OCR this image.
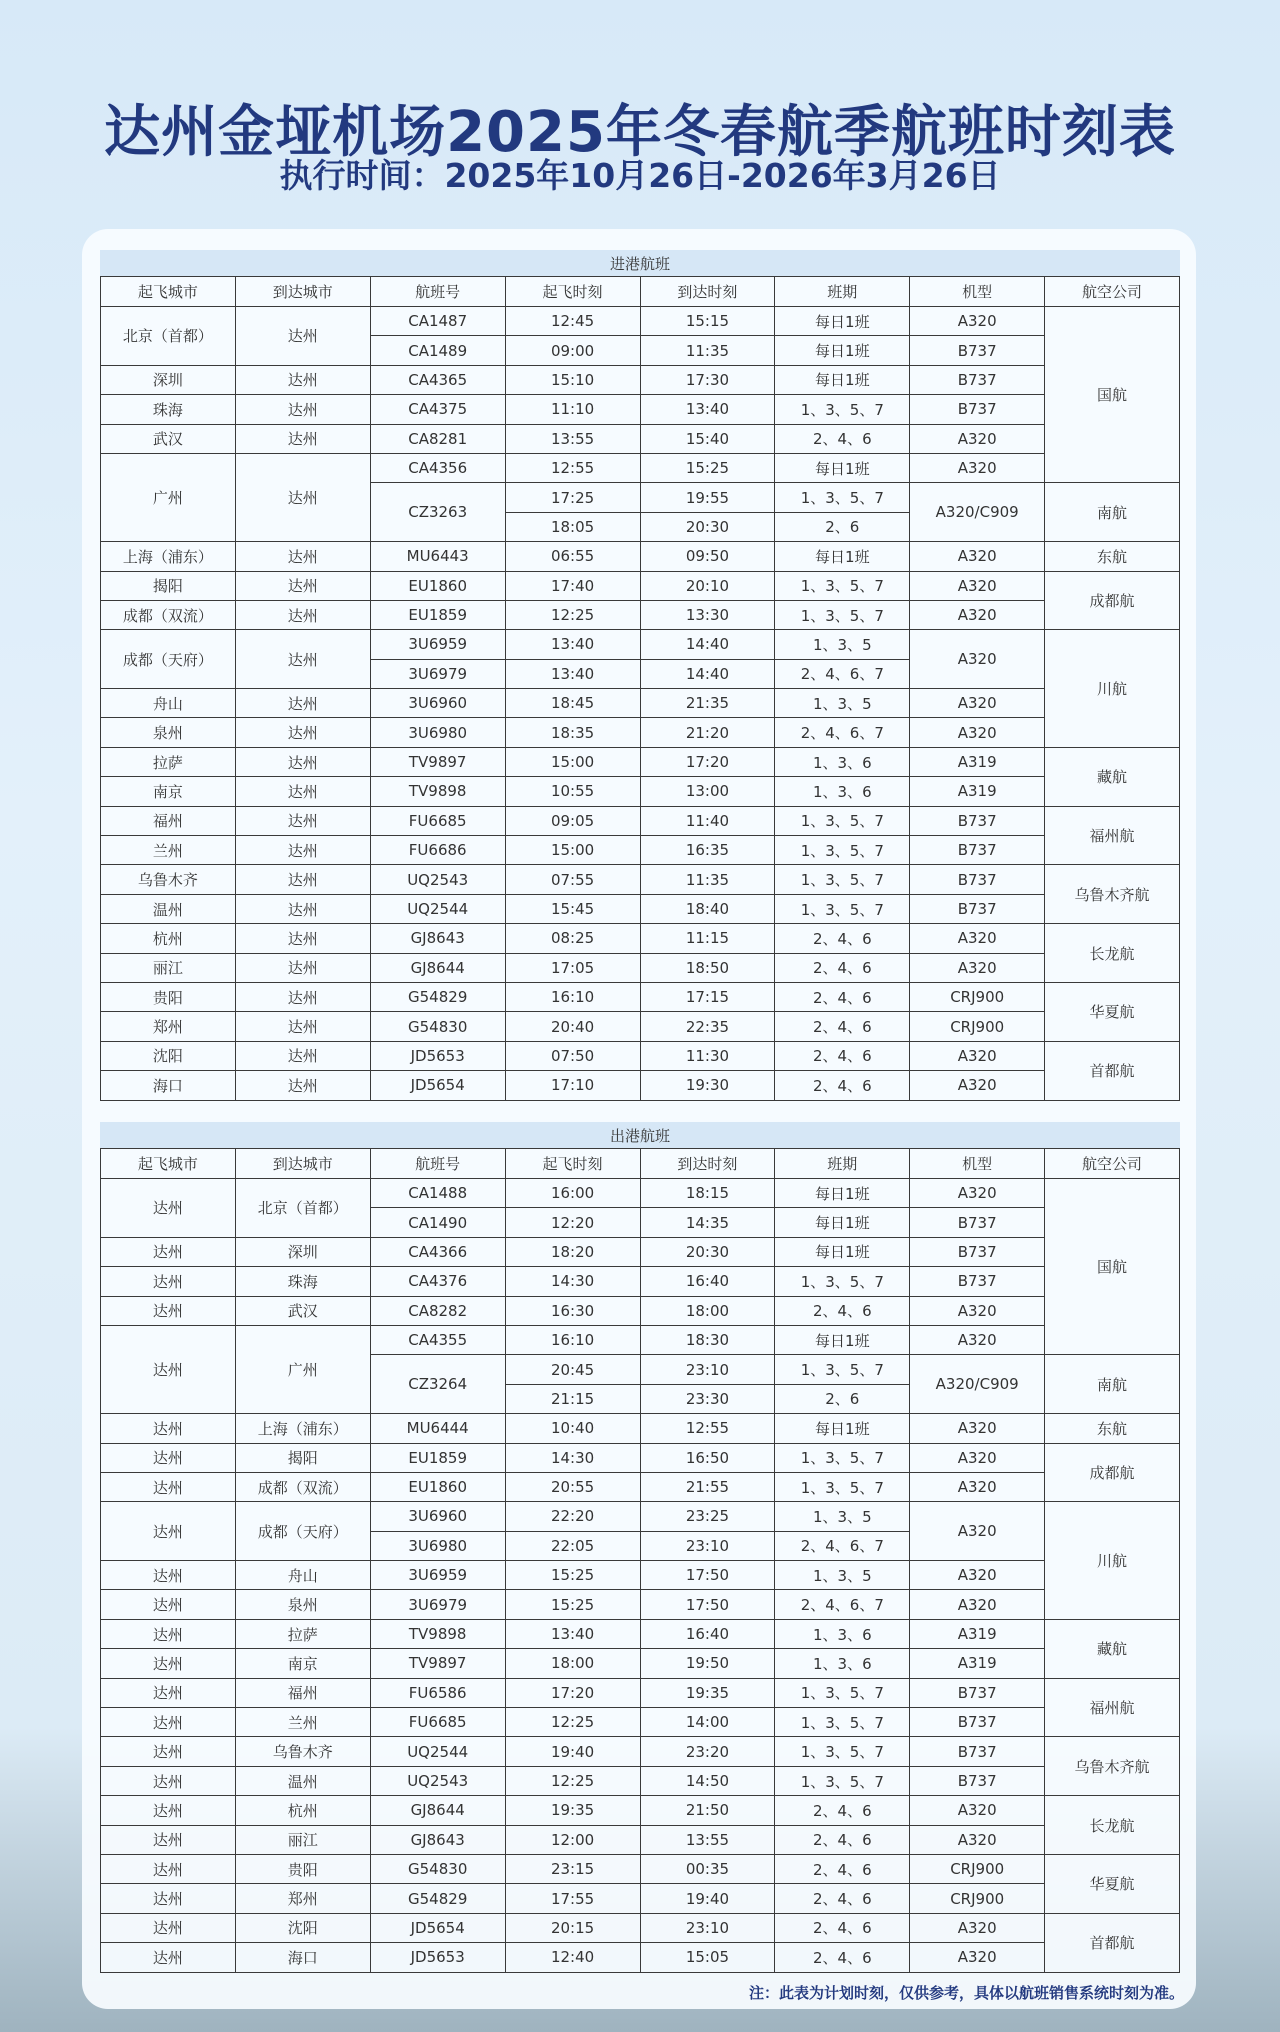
达州金垭机场2025年冬春航季航班时刻表
执行时间：2025年10月26日-2026年3月26日
进港航班							
起飞城市	到达城市	航班号	起飞时刻	到达时刻	班期	机型	航空公司
北京（首都）	达州	CA1487	12:45	15:15	每日1班	A320	国航
		CA1489	09:00	11:35	每日1班	B737	
深圳	达州	CA4365	15:10	17:30	每日1班	B737	
珠海	达州	CA4375	11:10	13:40	1、3、5、7	B737	
武汉	达州	CA8281	13:55	15:40	2、4、6	A320	
广州	达州	CA4356	12:55	15:25	每日1班	A320	
		CZ3263	17:25	19:55	1、3、5、7	A320/C909	南航
			18:05	20:30	2、6		
上海（浦东）	达州	MU6443	06:55	09:50	每日1班	A320	东航
揭阳	达州	EU1860	17:40	20:10	1、3、5、7	A320	成都航
成都（双流）	达州	EU1859	12:25	13:30	1、3、5、7	A320	
成都（天府）	达州	3U6959	13:40	14:40	1、3、5	A320	川航
		3U6979	13:40	14:40	2、4、6、7		
舟山	达州	3U6960	18:45	21:35	1、3、5	A320	
泉州	达州	3U6980	18:35	21:20	2、4、6、7	A320	
拉萨	达州	TV9897	15:00	17:20	1、3、6	A319	藏航
南京	达州	TV9898	10:55	13:00	1、3、6	A319	
福州	达州	FU6685	09:05	11:40	1、3、5、7	B737	福州航
兰州	达州	FU6686	15:00	16:35	1、3、5、7	B737	
乌鲁木齐	达州	UQ2543	07:55	11:35	1、3、5、7	B737	乌鲁木齐航
温州	达州	UQ2544	15:45	18:40	1、3、5、7	B737	
杭州	达州	GJ8643	08:25	11:15	2、4、6	A320	长龙航
丽江	达州	GJ8644	17:05	18:50	2、4、6	A320	
贵阳	达州	G54829	16:10	17:15	2、4、6	CRJ900	华夏航
郑州	达州	G54830	20:40	22:35	2、4、6	CRJ900	
沈阳	达州	JD5653	07:50	11:30	2、4、6	A320	首都航
海口	达州	JD5654	17:10	19:30	2、4、6	A320	
出港航班							
起飞城市	到达城市	航班号	起飞时刻	到达时刻	班期	机型	航空公司
达州	北京（首都）	CA1488	16:00	18:15	每日1班	A320	国航
		CA1490	12:20	14:35	每日1班	B737	
达州	深圳	CA4366	18:20	20:30	每日1班	B737	
达州	珠海	CA4376	14:30	16:40	1、3、5、7	B737	
达州	武汉	CA8282	16:30	18:00	2、4、6	A320	
达州	广州	CA4355	16:10	18:30	每日1班	A320	
		CZ3264	20:45	23:10	1、3、5、7	A320/C909	南航
			21:15	23:30	2、6		
达州	上海（浦东）	MU6444	10:40	12:55	每日1班	A320	东航
达州	揭阳	EU1859	14:30	16:50	1、3、5、7	A320	成都航
达州	成都（双流）	EU1860	20:55	21:55	1、3、5、7	A320	
达州	成都（天府）	3U6960	22:20	23:25	1、3、5	A320	川航
		3U6980	22:05	23:10	2、4、6、7		
达州	舟山	3U6959	15:25	17:50	1、3、5	A320	
达州	泉州	3U6979	15:25	17:50	2、4、6、7	A320	
达州	拉萨	TV9898	13:40	16:40	1、3、6	A319	藏航
达州	南京	TV9897	18:00	19:50	1、3、6	A319	
达州	福州	FU6586	17:20	19:35	1、3、5、7	B737	福州航
达州	兰州	FU6685	12:25	14:00	1、3、5、7	B737	
达州	乌鲁木齐	UQ2544	19:40	23:20	1、3、5、7	B737	乌鲁木齐航
达州	温州	UQ2543	12:25	14:50	1、3、5、7	B737	
达州	杭州	GJ8644	19:35	21:50	2、4、6	A320	长龙航
达州	丽江	GJ8643	12:00	13:55	2、4、6	A320	
达州	贵阳	G54830	23:15	00:35	2、4、6	CRJ900	华夏航
达州	郑州	G54829	17:55	19:40	2、4、6	CRJ900	
达州	沈阳	JD5654	20:15	23:10	2、4、6	A320	首都航
达州	海口	JD5653	12:40	15:05	2、4、6	A320	
注：此表为计划时刻，仅供参考，具体以航班销售系统时刻为准。
